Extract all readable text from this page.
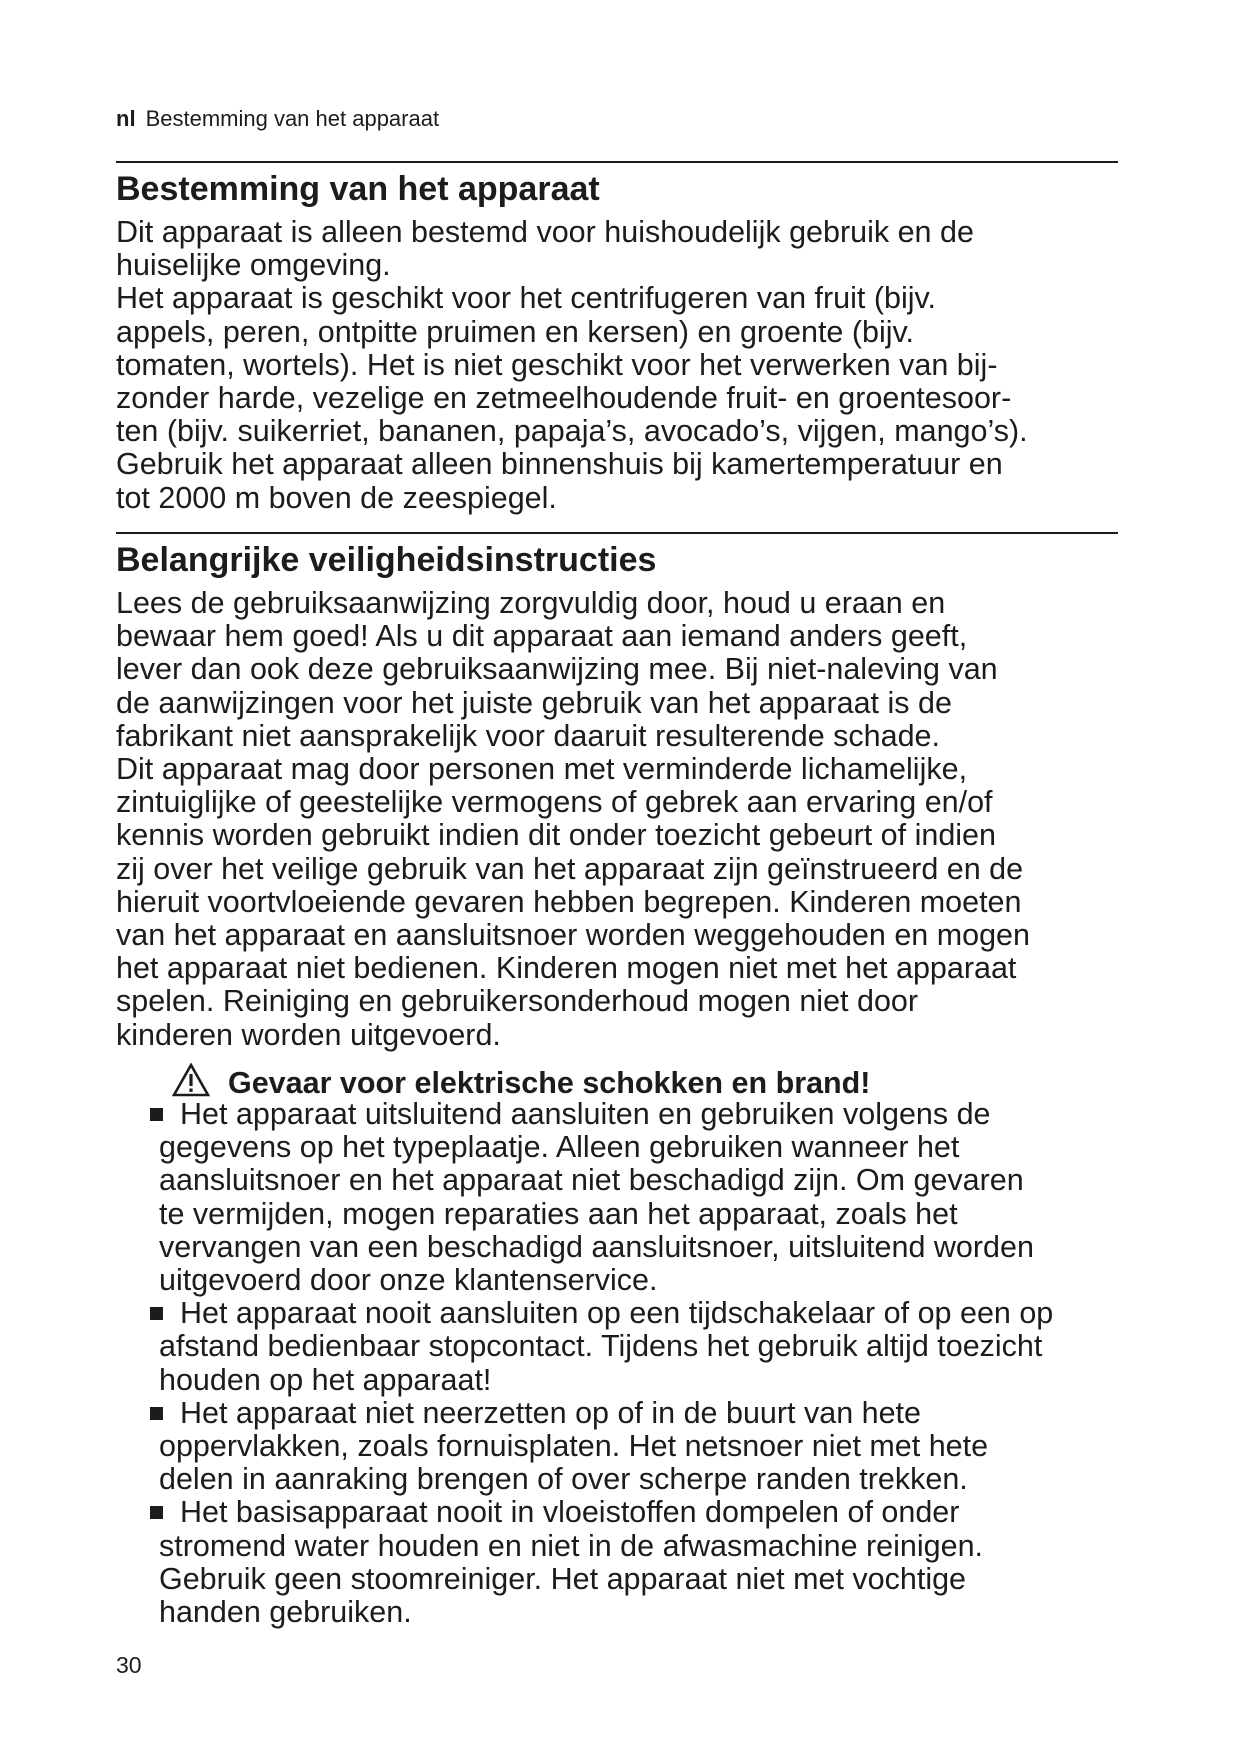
nl Bestemming van het apparaat
Bestemming van het apparaat
Dit apparaat is alleen bestemd voor huishoudelijk gebruik en de
huiselijke omgeving.
Het apparaat is geschikt voor het centrifugeren van fruit (bijv.
appels, peren, ontpitte pruimen en kersen) en groente (bijv.
tomaten, wortels). Het is niet geschikt voor het verwerken van bij-
zonder harde, vezelige en zetmeelhoudende fruit- en groentesoor-
ten (bijv. suikerriet, bananen, papaja’s, avocado’s, vijgen, mango’s).
Gebruik het apparaat alleen binnenshuis bij kamertemperatuur en
tot 2000 m boven de zeespiegel.
Belangrijke veiligheidsinstructies
Lees de gebruiksaanwijzing zorgvuldig door, houd u eraan en
bewaar hem goed! Als u dit apparaat aan iemand anders geeft,
lever dan ook deze gebruiksaanwijzing mee. Bij niet-naleving van
de aanwijzingen voor het juiste gebruik van het apparaat is de
fabrikant niet aansprakelijk voor daaruit resulterende schade.
Dit apparaat mag door personen met verminderde lichamelijke,
zintuiglijke of geestelijke vermogens of gebrek aan ervaring en/of
kennis worden gebruikt indien dit onder toezicht gebeurt of indien
zij over het veilige gebruik van het apparaat zijn geïnstrueerd en de
hieruit voortvloeiende gevaren hebben begrepen. Kinderen moeten
van het apparaat en aansluitsnoer worden weggehouden en mogen
het apparaat niet bedienen. Kinderen mogen niet met het apparaat
spelen. Reiniging en gebruikersonderhoud mogen niet door
kinderen worden uitgevoerd.
Gevaar voor elektrische schokken en brand!
Het apparaat uitsluitend aansluiten en gebruiken volgens de
gegevens op het typeplaatje. Alleen gebruiken wanneer het
aansluitsnoer en het apparaat niet beschadigd zijn. Om gevaren
te vermijden, mogen reparaties aan het apparaat, zoals het
vervangen van een beschadigd aansluitsnoer, uitsluitend worden
uitgevoerd door onze klantenservice.
Het apparaat nooit aansluiten op een tijdschakelaar of op een op
afstand bedienbaar stopcontact. Tijdens het gebruik altijd toezicht
houden op het apparaat!
Het apparaat niet neerzetten op of in de buurt van hete
oppervlakken, zoals fornuisplaten. Het netsnoer niet met hete
delen in aanraking brengen of over scherpe randen trekken.
Het basisapparaat nooit in vloeistoffen dompelen of onder
stromend water houden en niet in de afwasmachine reinigen.
Gebruik geen stoomreiniger. Het apparaat niet met vochtige
handen gebruiken.
30
